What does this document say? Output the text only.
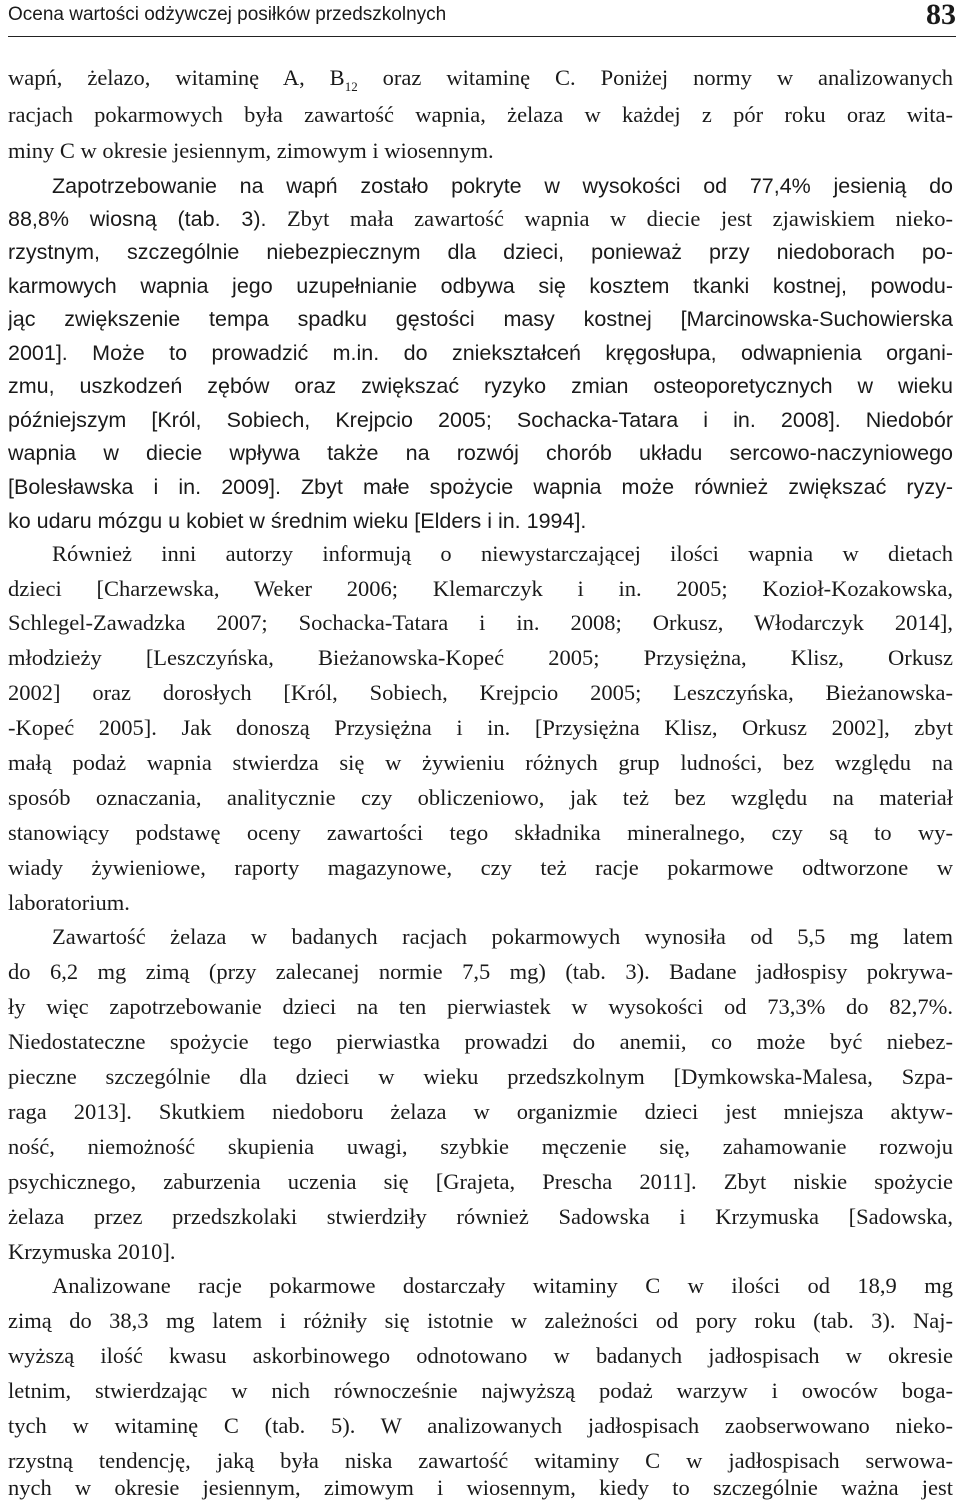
Ocena wartości odżywczej posiłków przedszkolnych	83
wapń, żelazo, witaminę A, $B_{12}$ oraz witaminę C. Poniżej normy w analizowanych
racjach pokarmowych była zawartość wapnia, żelaza w każdej z pór roku oraz wita-
miny C w okresie jesiennym, zimowym i wiosennym.
Zapotrzebowanie na wapń zostało pokryte w wysokości od 77,4% jesienią do
88,8% wiosną (tab. 3). Zbyt mała zawartość wapnia w diecie jest zjawiskiem nieko-
rzystnym, szczególnie niebezpiecznym dla dzieci, ponieważ przy niedoborach po-
karmowych wapnia jego uzupełnianie odbywa się kosztem tkanki kostnej, powodu-
jąc zwiększenie tempa spadku gęstości masy kostnej [Marcinowska-Suchowierska
2001]. Może to prowadzić m.in. do zniekształceń kręgosłupa, odwapnienia organi-
zmu, uszkodzeń zębów oraz zwiększać ryzyko zmian osteoporetycznych w wieku
późniejszym [Król, Sobiech, Krejpcio 2005; Sochacka-Tatara i in. 2008]. Niedobór
wapnia w diecie wpływa także na rozwój chorób układu sercowo-naczyniowego
[Bolesławska i in. 2009]. Zbyt małe spożycie wapnia może również zwiększać ryzy-
ko udaru mózgu u kobiet w średnim wieku [Elders i in. 1994].
Również inni autorzy informują o niewystarczającej ilości wapnia w dietach
dzieci [Charzewska, Weker 2006; Klemarczyk i in. 2005; Kozioł-Kozakowska,
Schlegel-Zawadzka 2007; Sochacka-Tatara i in. 2008; Orkusz, Włodarczyk 2014],
młodzieży [Leszczyńska, Bieżanowska-Kopeć 2005; Przysiężna, Klisz, Orkusz
2002] oraz dorosłych [Król, Sobiech, Krejpcio 2005; Leszczyńska, Bieżanowska-
-Kopeć 2005]. Jak donoszą Przysiężna i in. [Przysiężna Klisz, Orkusz 2002], zbyt
małą podaż wapnia stwierdza się w żywieniu różnych grup ludności, bez względu na
sposób oznaczania, analitycznie czy obliczeniowo, jak też bez względu na materiał
stanowiący podstawę oceny zawartości tego składnika mineralnego, czy są to wy-
wiady żywieniowe, raporty magazynowe, czy też racje pokarmowe odtworzone w
laboratorium.
Zawartość żelaza w badanych racjach pokarmowych wynosiła od 5,5 mg latem
do 6,2 mg zimą (przy zalecanej normie 7,5 mg) (tab. 3). Badane jadłospisy pokrywa-
ły więc zapotrzebowanie dzieci na ten pierwiastek w wysokości od 73,3% do 82,7%.
Niedostateczne spożycie tego pierwiastka prowadzi do anemii, co może być niebez-
pieczne szczególnie dla dzieci w wieku przedszkolnym [Dymkowska-Malesa, Szpa-
raga 2013]. Skutkiem niedoboru żelaza w organizmie dzieci jest mniejsza aktyw-
ność, niemożność skupienia uwagi, szybkie męczenie się, zahamowanie rozwoju
psychicznego, zaburzenia uczenia się [Grajeta, Prescha 2011]. Zbyt niskie spożycie
żelaza przez przedszkolaki stwierdziły również Sadowska i Krzymuska [Sadowska,
Krzymuska 2010].
Analizowane racje pokarmowe dostarczały witaminy C w ilości od 18,9 mg
zimą do 38,3 mg latem i różniły się istotnie w zależności od pory roku (tab. 3). Naj-
wyższą ilość kwasu askorbinowego odnotowano w badanych jadłospisach w okresie
letnim, stwierdzając w nich równocześnie najwyższą podaż warzyw i owoców boga-
tych w witaminę C (tab. 5). W analizowanych jadłospisach zaobserwowano nieko-
rzystną tendencję, jaką była niska zawartość witaminy C w jadłospisach serwowa-
nych w okresie jesiennym, zimowym i wiosennym, kiedy to szczególnie ważna jest
